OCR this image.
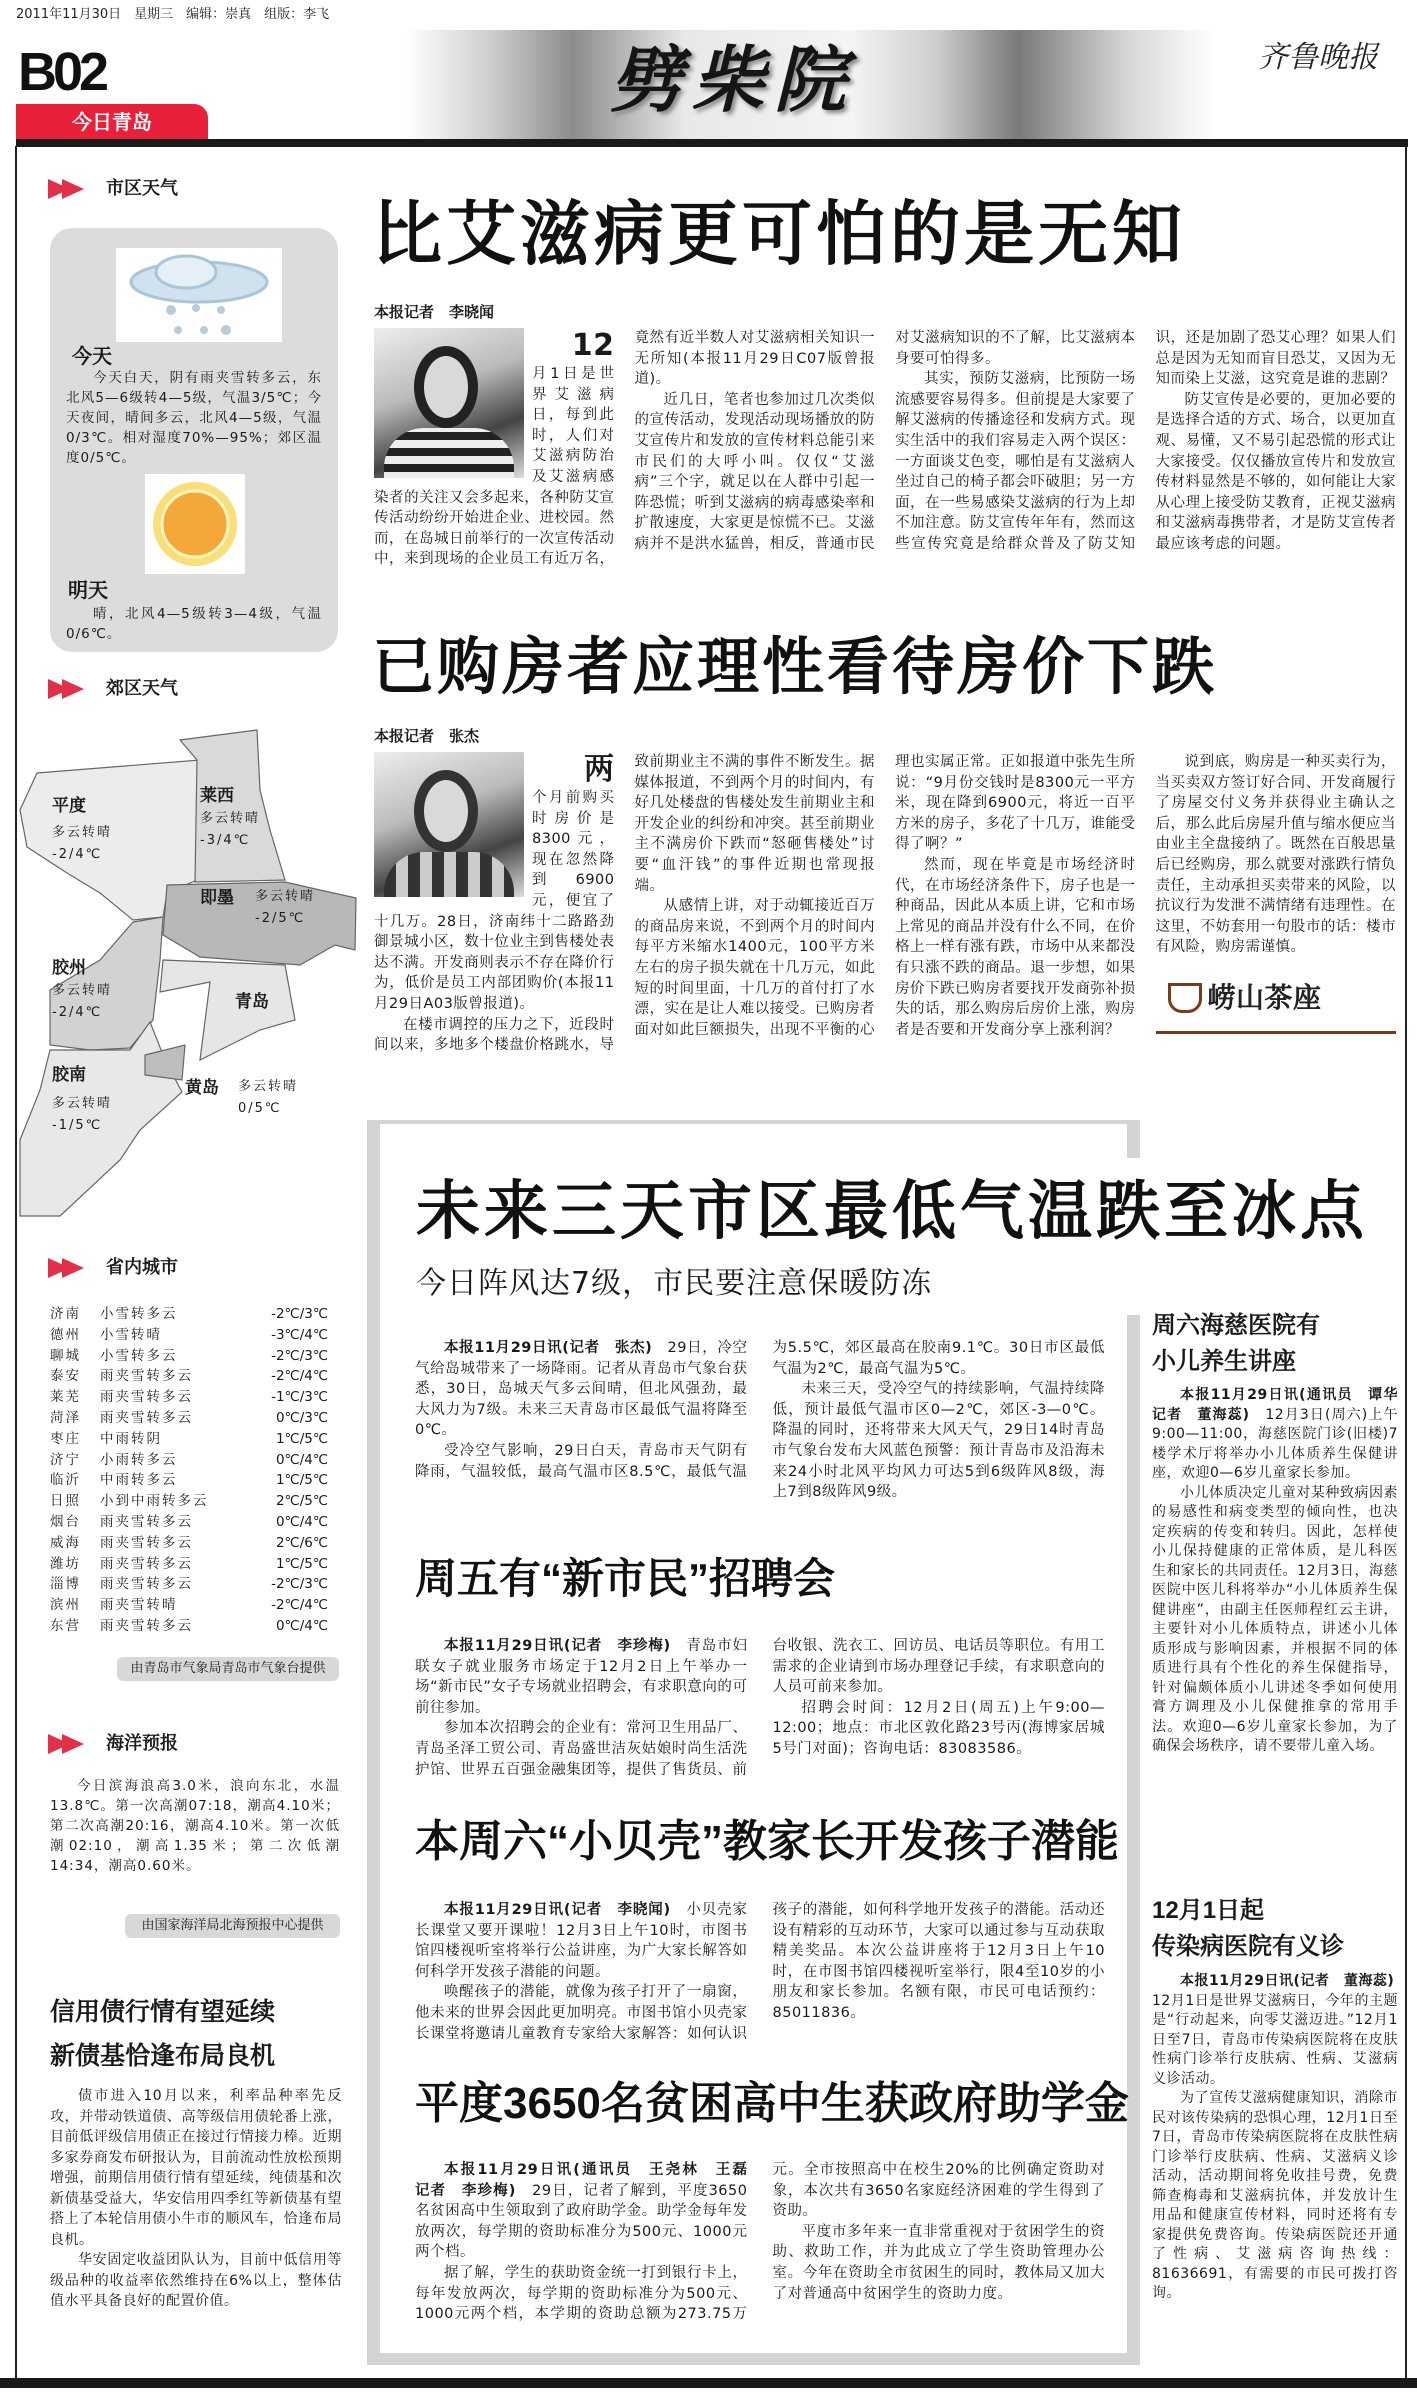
2011年11月30日　星期三　编辑：崇真　组版：李飞
B02
今日青岛	劈柴院	齐鲁晚报
市区天气
今天

今天白天，阴有雨夹雪转多云，东北风5—6级转4—5级，气温3/5℃；今天夜间，晴间多云，北风4—5级，气温0/3℃。相对湿度70%—95%；郊区温度0/5℃。

明天

晴，北风4—5级转3—4级，气温0/6℃。

郊区天气
平度
多云转晴
-2/4℃
莱西
多云转晴
-3/4℃
即墨 多云转晴
-2/5℃
胶州
多云转晴
-2/4℃
青岛
胶南
多云转晴
-1/5℃
黄岛 多云转晴
0/5℃
省内城市
济南	小雪转多云	-2℃/3℃
德州	小雪转晴	-3℃/4℃
聊城	小雪转多云	-2℃/3℃
泰安	雨夹雪转多云	-2℃/4℃
莱芜	雨夹雪转多云	-1℃/3℃
菏泽	雨夹雪转多云	0℃/3℃
枣庄	中雨转阴	1℃/5℃
济宁	小雨转多云	0℃/4℃
临沂	中雨转多云	1℃/5℃
日照	小到中雨转多云	2℃/5℃
烟台	雨夹雪转多云	0℃/4℃
威海	雨夹雪转多云	2℃/6℃
潍坊	雨夹雪转多云	1℃/5℃
淄博	雨夹雪转多云	-2℃/3℃
滨州	雨夹雪转晴	-2℃/4℃
东营	雨夹雪转多云	0℃/4℃
由青岛市气象局青岛市气象台提供
海洋预报

今日滨海浪高3.0米，浪向东北，水温13.8℃。第一次高潮07:18，潮高4.10米；第二次高潮20:16，潮高4.10米。第一次低潮02:10，潮高1.35米；第二次低潮14:34，潮高0.60米。

由国家海洋局北海预报中心提供
信用债行情有望延续
新债基恰逢布局良机

债市进入10月以来，利率品种率先反攻，并带动铁道债、高等级信用债轮番上涨，目前低评级信用债正在接过行情接力棒。近期多家券商发布研报认为，目前流动性放松预期增强，前期信用债行情有望延续，纯债基和次新债基受益大，华安信用四季红等新债基有望搭上了本轮信用债小牛市的顺风车，恰逢布局良机。

华安固定收益团队认为，目前中低信用等级品种的收益率依然维持在6%以上，整体估值水平具备良好的配置价值。

比艾滋病更可怕的是无知
本报记者　李晓闻
12

月1日是世界艾滋病日，每到此时，人们对艾滋病防治及艾滋病感染者的关注又会多起来，各种防艾宣传活动纷纷开始进企业、进校园。然而，在岛城日前举行的一次宣传活动中，来到现场的企业员工有近万名，竟然有近半数人对艾滋病相关知识一无所知(本报11月29日C07版曾报道)。

近几日，笔者也参加过几次类似的宣传活动，发现活动现场播放的防艾宣传片和发放的宣传材料总能引来市民们的大呼小叫。仅仅“艾滋病”三个字，就足以在人群中引起一阵恐慌；听到艾滋病的病毒感染率和扩散速度，大家更是惊慌不已。艾滋病并不是洪水猛兽，相反，普通市民对艾滋病知识的不了解，比艾滋病本身要可怕得多。

其实，预防艾滋病，比预防一场流感要容易得多。但前提是大家要了解艾滋病的传播途径和发病方式。现实生活中的我们容易走入两个误区：一方面谈艾色变，哪怕是有艾滋病人坐过自己的椅子都会吓破胆；另一方面，在一些易感染艾滋病的行为上却不加注意。防艾宣传年年有，然而这些宣传究竟是给群众普及了防艾知识，还是加剧了恐艾心理？如果人们总是因为无知而盲目恐艾，又因为无知而染上艾滋，这究竟是谁的悲剧？

防艾宣传是必要的，更加必要的是选择合适的方式、场合，以更加直观、易懂，又不易引起恐慌的形式让大家接受。仅仅播放宣传片和发放宣传材料显然是不够的，如何能让大家从心理上接受防艾教育，正视艾滋病和艾滋病毒携带者，才是防艾宣传者最应该考虑的问题。

已购房者应理性看待房价下跌
本报记者　张杰
两

个月前购买时房价是8300元，现在忽然降到6900元，便宜了十几万。28日，济南纬十二路路劲御景城小区，数十位业主到售楼处表达不满。开发商则表示不存在降价行为，低价是员工内部团购价(本报11月29日A03版曾报道)。

在楼市调控的压力之下，近段时间以来，多地多个楼盘价格跳水，导致前期业主不满的事件不断发生。据媒体报道，不到两个月的时间内，有好几处楼盘的售楼处发生前期业主和开发企业的纠纷和冲突。甚至前期业主不满房价下跌而“怒砸售楼处”讨要“血汗钱”的事件近期也常现报端。

从感情上讲，对于动辄接近百万的商品房来说，不到两个月的时间内每平方米缩水1400元，100平方米左右的房子损失就在十几万元，如此短的时间里面，十几万的首付打了水漂，实在是让人难以接受。已购房者面对如此巨额损失，出现不平衡的心理也实属正常。正如报道中张先生所说：“9月份交钱时是8300元一平方米，现在降到6900元，将近一百平方米的房子，多花了十几万，谁能受得了啊？”

然而，现在毕竟是市场经济时代，在市场经济条件下，房子也是一种商品，因此从本质上讲，它和市场上常见的商品并没有什么不同，在价格上一样有涨有跌，市场中从来都没有只涨不跌的商品。退一步想，如果房价下跌已购房者要找开发商弥补损失的话，那么购房后房价上涨，购房者是否要和开发商分享上涨利润？

说到底，购房是一种买卖行为，当买卖双方签订好合同、开发商履行了房屋交付义务并获得业主确认之后，那么此后房屋升值与缩水便应当由业主全盘接纳了。既然在百般思量后已经购房，那么就要对涨跌行情负责任，主动承担买卖带来的风险，以抗议行为发泄不满情绪有违理性。在这里，不妨套用一句股市的话：楼市有风险，购房需谨慎。

崂山茶座
未来三天市区最低气温跌至冰点
今日阵风达7级，市民要注意保暖防冻

本报11月29日讯(记者　张杰)　29日，冷空气给岛城带来了一场降雨。记者从青岛市气象台获悉，30日，岛城天气多云间晴，但北风强劲，最大风力为7级。未来三天青岛市区最低气温将降至0℃。

受冷空气影响，29日白天，青岛市天气阴有降雨，气温较低，最高气温市区8.5℃，最低气温为5.5℃，郊区最高在胶南9.1℃。30日市区最低气温为2℃，最高气温为5℃。

未来三天，受冷空气的持续影响，气温持续降低，预计最低气温市区0—2℃，郊区-3—0℃。降温的同时，还将带来大风天气，29日14时青岛市气象台发布大风蓝色预警：预计青岛市及沿海未来24小时北风平均风力可达5到6级阵风8级，海上7到8级阵风9级。

周五有“新市民”招聘会

本报11月29日讯(记者　李珍梅)　青岛市妇联女子就业服务市场定于12月2日上午举办一场“新市民”女子专场就业招聘会，有求职意向的可前往参加。

参加本次招聘会的企业有：常河卫生用品厂、青岛圣泽工贸公司、青岛盛世洁灰姑娘时尚生活洗护馆、世界五百强金融集团等，提供了售货员、前台收银、洗衣工、回访员、电话员等职位。有用工需求的企业请到市场办理登记手续，有求职意向的人员可前来参加。

招聘会时间：12月2日(周五)上午9:00—12:00；地点：市北区敦化路23号丙(海博家居城5号门对面)；咨询电话：83083586。

本周六“小贝壳”教家长开发孩子潜能

本报11月29日讯(记者　李晓闻)　小贝壳家长课堂又要开课啦！12月3日上午10时，市图书馆四楼视听室将举行公益讲座，为广大家长解答如何科学开发孩子潜能的问题。

唤醒孩子的潜能，就像为孩子打开了一扇窗，他未来的世界会因此更加明亮。市图书馆小贝壳家长课堂将邀请儿童教育专家给大家解答：如何认识孩子的潜能，如何科学地开发孩子的潜能。活动还设有精彩的互动环节，大家可以通过参与互动获取精美奖品。本次公益讲座将于12月3日上午10时，在市图书馆四楼视听室举行，限4至10岁的小朋友和家长参加。名额有限，市民可电话预约：85011836。

平度3650名贫困高中生获政府助学金

本报11月29日讯(通讯员　王尧林　王磊　记者　李珍梅)　29日，记者了解到，平度3650名贫困高中生领取到了政府助学金。助学金每年发放两次，每学期的资助标准分为500元、1000元两个档。

据了解，学生的获助资金统一打到银行卡上，每年发放两次，每学期的资助标准分为500元、1000元两个档，本学期的资助总额为273.75万元。全市按照高中在校生20%的比例确定资助对象，本次共有3650名家庭经济困难的学生得到了资助。

平度市多年来一直非常重视对于贫困学生的资助、救助工作，并为此成立了学生资助管理办公室。今年在资助全市贫困生的同时，教体局又加大了对普通高中贫困学生的资助力度。

周六海慈医院有
小儿养生讲座

本报11月29日讯(通讯员　谭华　记者　董海蕊)　12月3日(周六)上午9:00—11:00，海慈医院门诊(旧楼)7楼学术厅将举办小儿体质养生保健讲座，欢迎0—6岁儿童家长参加。

小儿体质决定儿童对某种致病因素的易感性和病变类型的倾向性，也决定疾病的传变和转归。因此，怎样使小儿保持健康的正常体质，是儿科医生和家长的共同责任。12月3日，海慈医院中医儿科将举办“小儿体质养生保健讲座”，由副主任医师程红云主讲，主要针对小儿体质特点，讲述小儿体质形成与影响因素，并根据不同的体质进行具有个性化的养生保健指导，针对偏颇体质小儿讲述冬季如何使用膏方调理及小儿保健推拿的常用手法。欢迎0—6岁儿童家长参加，为了确保会场秩序，请不要带儿童入场。

12月1日起
传染病医院有义诊

本报11月29日讯(记者　董海蕊)　12月1日是世界艾滋病日，今年的主题是“行动起来，向零艾滋迈进。”12月1日至7日，青岛市传染病医院将在皮肤性病门诊举行皮肤病、性病、艾滋病义诊活动。

为了宣传艾滋病健康知识，消除市民对该传染病的恐惧心理，12月1日至7日，青岛市传染病医院将在皮肤性病门诊举行皮肤病、性病、艾滋病义诊活动，活动期间将免收挂号费，免费筛查梅毒和艾滋病抗体，并发放计生用品和健康宣传材料，同时还将有专家提供免费咨询。传染病医院还开通了性病、艾滋病咨询热线：81636691，有需要的市民可拨打咨询。
